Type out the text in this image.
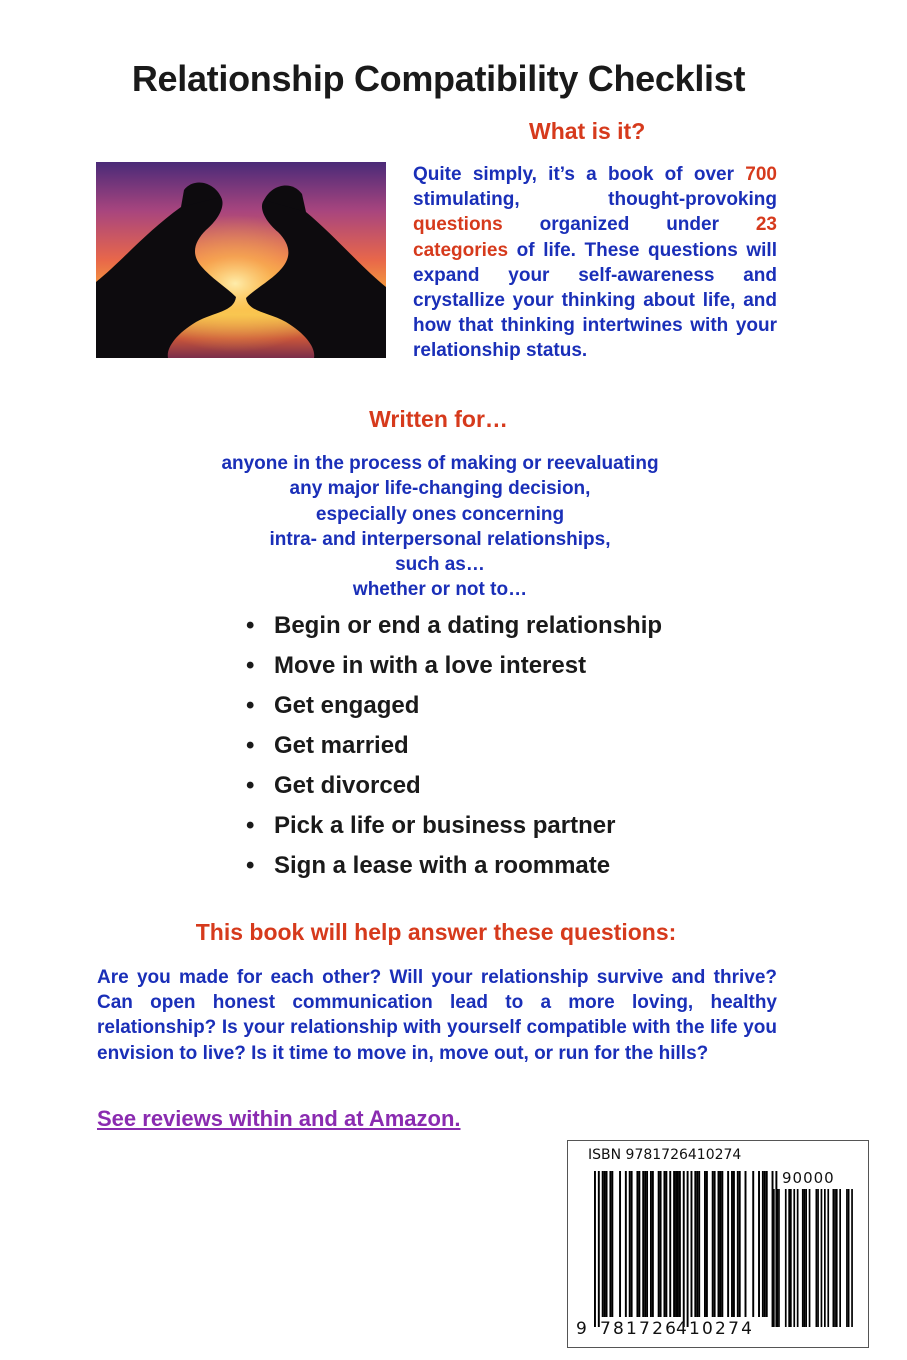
Relationship Compatibility Checklist
What is it?
Quite simply, it’s a book of over 700 stimulating, thought-provoking questions organized under 23 categories of life. These questions will expand your self-awareness and crystallize your thinking about life, and how that thinking intertwines with your relationship status.
Written for…
anyone in the process of making or reevaluating
any major life-changing decision,
especially ones concerning
intra- and interpersonal relationships,
such as…
whether or not to…
• Begin or end a dating relationship
• Move in with a love interest
• Get engaged
• Get married
• Get divorced
• Pick a life or business partner
• Sign a lease with a roommate
This book will help answer these questions:
Are you made for each other? Will your relationship survive and thrive? Can open honest communication lead to a more loving, healthy relationship? Is your relationship with yourself compatible with the life you envision to live? Is it time to move in, move out, or run for the hills?
See reviews within and at Amazon.
ISBN 9781726410274
90000
9 781726
410274
